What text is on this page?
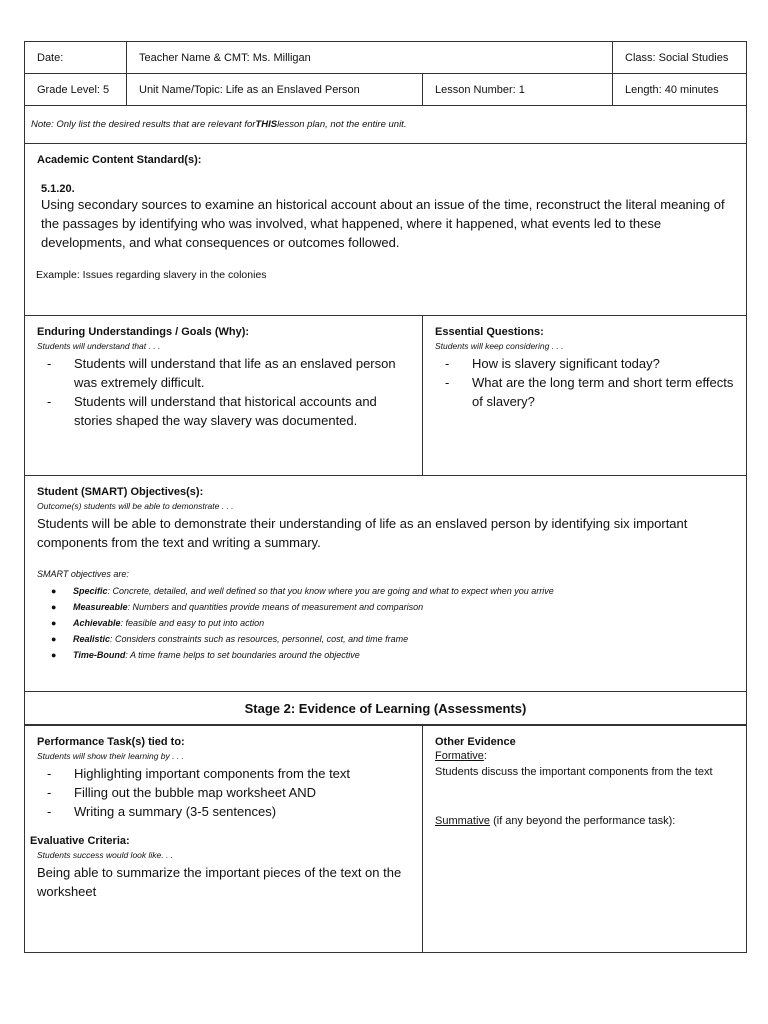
Date:	Teacher Name & CMT: Ms. Milligan	Class: Social Studies
Grade Level: 5	Unit Name/Topic: Life as an Enslaved Person	Lesson Number: 1	Length: 40 minutes
Note: Only list the desired results that are relevant for THIS lesson plan, not the entire unit.
Academic Content Standard(s):
5.1.20.
Using secondary sources to examine an historical account about an issue of the time, reconstruct the literal meaning of the passages by identifying who was involved, what happened, where it happened, what events led to these developments, and what consequences or outcomes followed.
Example: Issues regarding slavery in the colonies
Enduring Understandings / Goals (Why):
Students will understand that . . .
- Students will understand that life as an enslaved person was extremely difficult.
- Students will understand that historical accounts and stories shaped the way slavery was documented.
Essential Questions:
Students will keep considering . . .
- How is slavery significant today?
- What are the long term and short term effects of slavery?
Student (SMART) Objectives(s):
Outcome(s) students will be able to demonstrate . . .
Students will be able to demonstrate their understanding of life as an enslaved person by identifying six important components from the text and writing a summary.
SMART objectives are:
● Specific: Concrete, detailed, and well defined so that you know where you are going and what to expect when you arrive
● Measureable: Numbers and quantities provide means of measurement and comparison
● Achievable: feasible and easy to put into action
● Realistic: Considers constraints such as resources, personnel, cost, and time frame
● Time-Bound: A time frame helps to set boundaries around the objective
Stage 2: Evidence of Learning (Assessments)
Performance Task(s) tied to:
Students will show their learning by . . .
- Highlighting important components from the text
- Filling out the bubble map worksheet AND
- Writing a summary (3-5 sentences)
Evaluative Criteria:
Students success would look like. . .
Being able to summarize the important pieces of the text on the worksheet
Other Evidence
Formative:
Students discuss the important components from the text
Summative (if any beyond the performance task):
